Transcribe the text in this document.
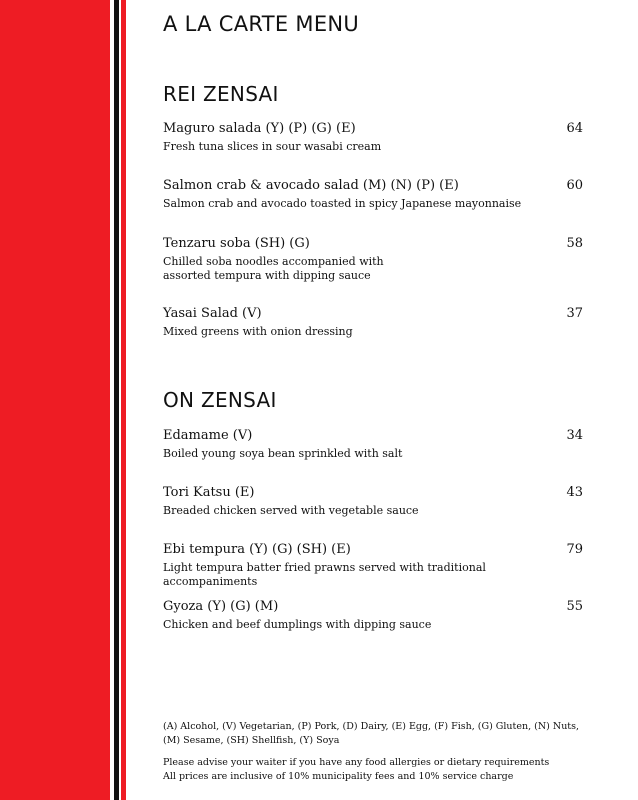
A LA CARTE MENU
REI ZENSAI
Maguro salada (Y) (P) (G) (E)	64
Fresh tuna slices in sour wasabi cream
Salmon crab & avocado salad (M) (N) (P) (E)	60
Salmon crab and avocado toasted in spicy Japanese mayonnaise
Tenzaru soba (SH) (G)	58
Chilled soba noodles accompanied with assorted tempura with dipping sauce
Yasai Salad (V)	37
Mixed greens with onion dressing
ON ZENSAI
Edamame (V)	34
Boiled young soya bean sprinkled with salt
Tori Katsu (E)	43
Breaded chicken served with vegetable sauce
Ebi tempura (Y) (G) (SH) (E)	79
Light tempura batter fried prawns served with traditional accompaniments
Gyoza (Y) (G) (M)	55
Chicken and beef dumplings with dipping sauce
(A) Alcohol, (V) Vegetarian, (P) Pork, (D) Dairy, (E) Egg, (F) Fish, (G) Gluten, (N) Nuts,
(M) Sesame, (SH) Shellfish, (Y) Soya
Please advise your waiter if you have any food allergies or dietary requirements
All prices are inclusive of 10% municipality fees and 10% service charge
